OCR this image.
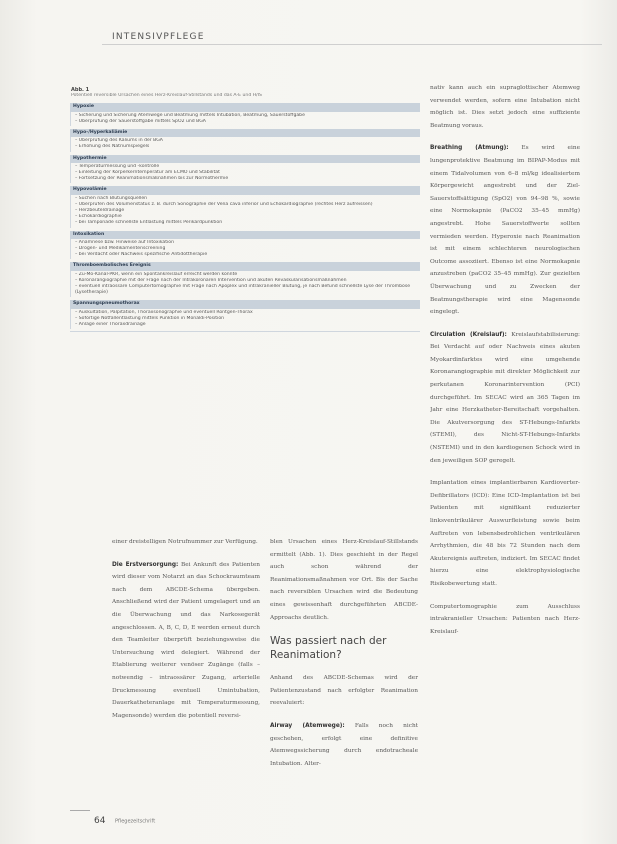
INTENSIVPFLEGE
Abb. 1
Potentiell reversible Ursachen eines Herz-Kreislauf-Stillstands und das A-E und H/IS
Hypoxie
– Sicherung und Sicherung Atemwege und Beatmung mittels Intubation, Beatmung, Sauerstoffgabe
– Überprüfung der Sauerstoffgabe mittels SpO2 und BGA
Hypo-/Hyperkaliämie
– Überprüfung des Kaliums in der BGA
– Erhöhung des Natriumspiegels
Hypothermie
– Temperaturmessung und -kontrolle
– Einleitung der Körperkerntemperatur am ECMO und Stabilität
– Fortsetzung der Reanimationsmaßnahmen bis zur Normothermie
Hypovolämie
– Suchen nach Blutungsquellen
– Überprüfen des Volumenstatus z. B. durch Sonographie der Vena cava inferior und Echokardiographie (rechtes Herz aufreissen)
– Herzbeuteldrainage
– Echokardiographie
– bei Tamponade schnellste Entlastung mittels Perikardpunktion
Intoxikation
– Anamnese bzw. Hinweise auf Intoxikation
– Drogen- und Medikamentenscreening
– bei Verdacht oder Nachweis spezifische Antidottherapie
Thromboembolisches Ereignis
– Zu-Mo-Kanal-PKR, wenn ein Spontankreislauf erreicht werden konnte
– Koronarangiographie mit der Frage nach der Intrakoronaren Intervention und akuten Revaskularisationsmaßnahmen
– eventuell intraossäre Computertomographie mit Frage nach Apoplex und intrakranieller Blutung, je nach Befund schnellste Lyse der Thrombose (Lysetherapie)
Spannungspneumothorax
– Auskultation, Palpitation, Thoraxsonographie und eventuell Röntgen-Thorax
– Sofortige Notfallentlastung mittels Punktion in Monaldi-Position
– Anlage einer Thoraxdrainage

einer dreistelligen Notrufnummer zur Verfügung.

Die Erstversorgung: Bei Ankunft des Patienten wird dieser vom Notarzt an das Schockraumteam nach dem ABCDE-Schema übergeben. Anschließend wird der Patient umgelagert und an die Überwachung und das Narkosegerät angeschlossen. A, B, C, D, E werden erneut durch den Teamleiter überprüft beziehungsweise die Untersuchung wird delegiert. Während der Etablierung weiterer venöser Zugänge (falls – notwendig – intraossärer Zugang, arterielle Druckmessung eventuell Umintubation, Dauerkatheteranlage mit Temperaturmessung, Magensonde) werden die potentiell reversi-

blen Ursachen eines Herz-Kreislauf-Stillstands ermittelt (Abb. 1). Dies geschieht in der Regel auch schon während der Reanimationsmaßnahmen vor Ort. Bis der Sache nach reversiblen Ursachen wird die Bedeutung eines gewissenhaft durchgeführten ABCDE-Approachs deutlich.

Was passiert nach der Reanimation?

Anhand des ABCDE-Schemas wird der Patientenzustand nach erfolgter Reanimation reevaluiert:

Airway (Atemwege): Falls noch nicht geschehen, erfolgt eine definitive Atemwegssicherung durch endotracheale Intubation. Alter-

nativ kann auch ein supraglottischer Atemweg verwendet werden, sofern eine Intubation nicht möglich ist. Dies setzt jedoch eine suffiziente Beatmung voraus.

Breathing (Atmung): Es wird eine lungenprotektive Beatmung im BIPAP-Modus mit einem Tidalvolumen von 6–8 ml/kg idealisiertem Körpergewicht angestrebt und der Ziel-Sauerstoffsättigung (SpO2) von 94–98 %, sowie eine Normokapnie (PaCO2 35–45 mmHg) angestrebt. Hohe Sauerstoffwerte sollten vermieden werden. Hyperoxie nach Reanimation ist mit einem schlechteren neurologischen Outcome assoziiert. Ebenso ist eine Normokapnie anzustreben (paCO2 35–45 mmHg). Zur gezielten Überwachung und zu Zwecken der Beatmungstherapie wird eine Magensonde eingelegt.

Circulation (Kreislauf): Kreislaufstabilisierung: Bei Verdacht auf oder Nachweis eines akuten Myokardinfarktes wird eine umgehende Koronarangiographie mit direkter Möglichkeit zur perkutanen Koronarintervention (PCI) durchgeführt. Im SECAC wird an 365 Tagen im Jahr eine Herzkatheter-Bereitschaft vorgehalten. Die Akutversorgung des ST-Hebungs-Infarkts (STEMI), des Nicht-ST-Hebungs-Infarkts (NSTEMI) und in den kardiogenen Schock wird in den jeweiligen SOP geregelt.

Implantation eines implantierbaren Kardioverter-Defibrillators (ICD): Eine ICD-Implantation ist bei Patienten mit signifikant reduzierter linksventrikulärer Auswurfleistung sowie beim Auftreten von lebensbedrohlichen ventrikulären Arrhythmien, die 48 bis 72 Stunden nach dem Akutereignis auftreten, indiziert. Im SECAC findet hierzu eine elektrophysiologische Risikobewertung statt.

Computertomographie zum Ausschluss intrakranieller Ursachen: Patienten nach Herz-Kreislauf-

64 Pflegezeitschrift
